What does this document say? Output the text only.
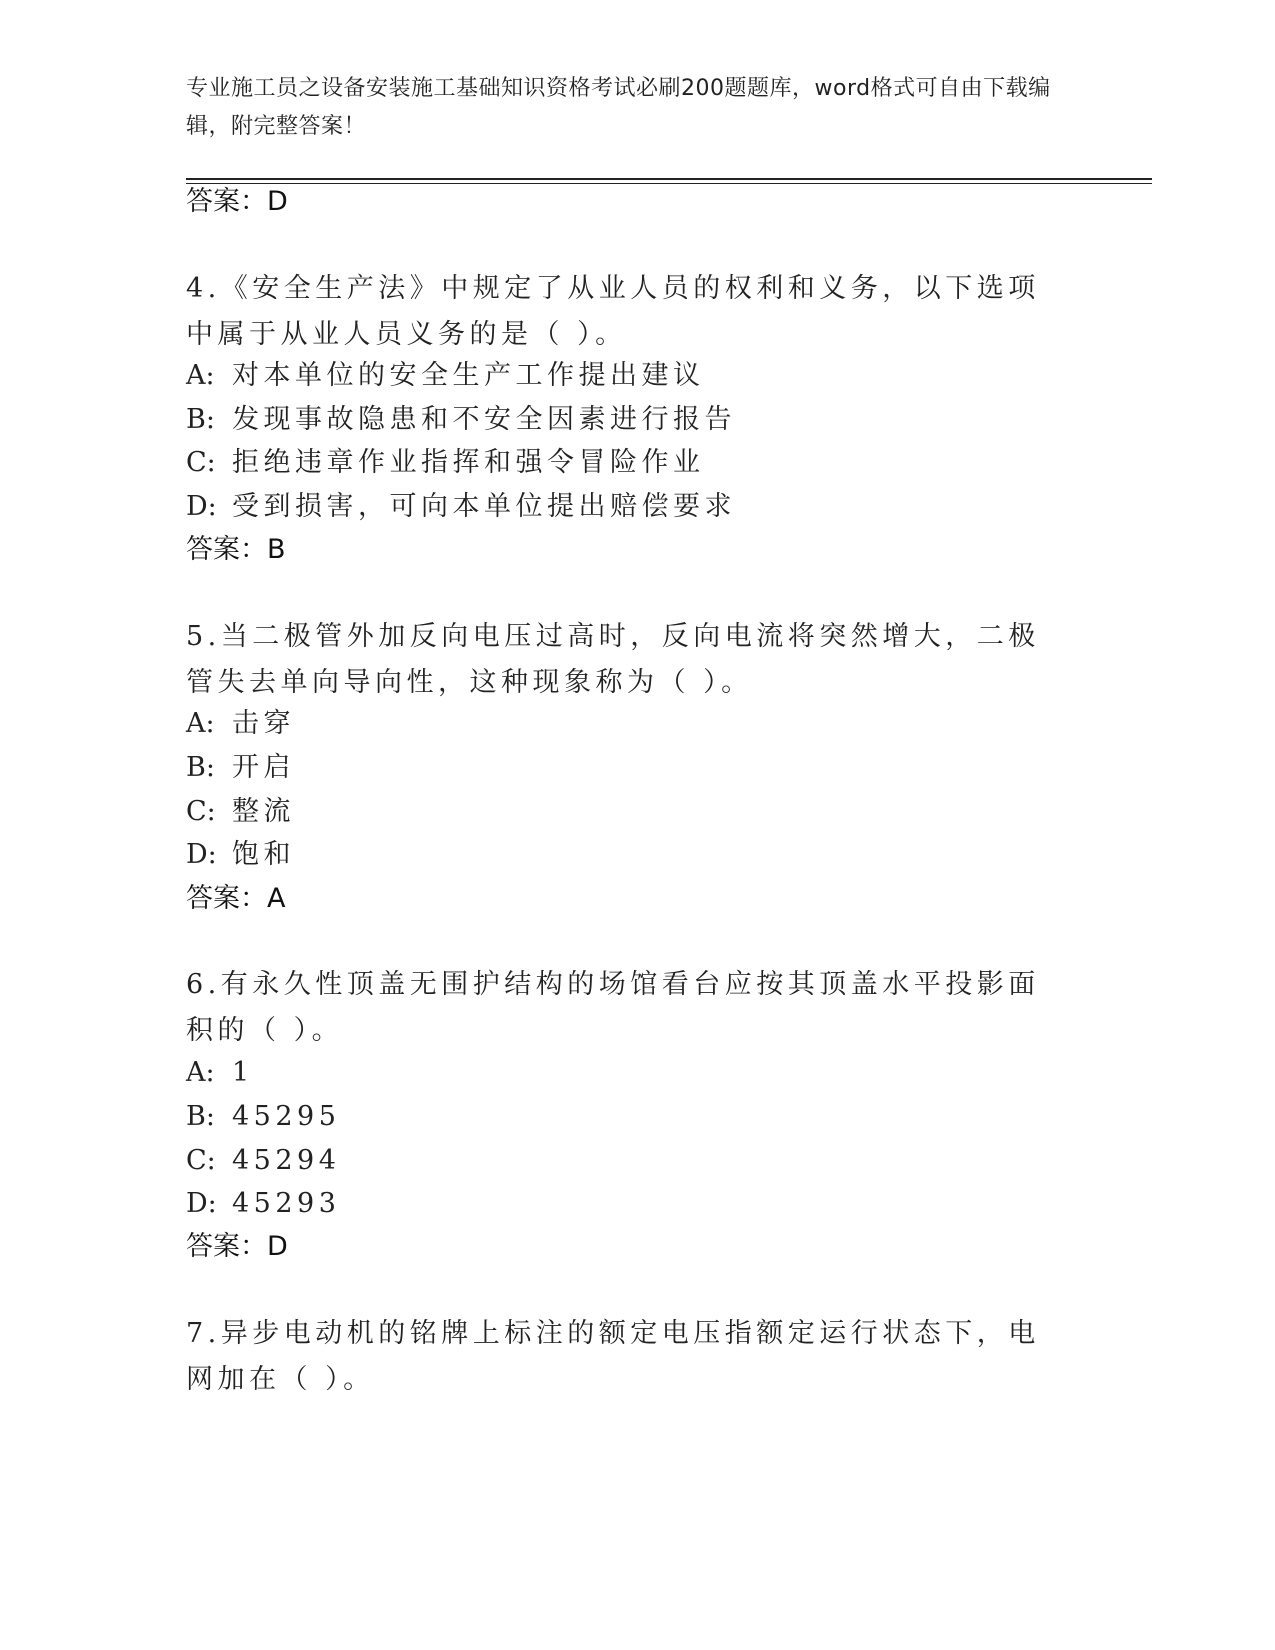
专业施工员之设备安装施工基础知识资格考试必刷200题题库，word格式可自由下载编辑，附完整答案！
答案：D
4.《安全生产法》中规定了从业人员的权利和义务，以下选项中属于从业人员义务的是（ ）。
A: 对本单位的安全生产工作提出建议
B: 发现事故隐患和不安全因素进行报告
C: 拒绝违章作业指挥和强令冒险作业
D: 受到损害，可向本单位提出赔偿要求
答案：B
5.当二极管外加反向电压过高时，反向电流将突然增大，二极管失去单向导向性，这种现象称为（ ）。
A: 击穿
B: 开启
C: 整流
D: 饱和
答案：A
6.有永久性顶盖无围护结构的场馆看台应按其顶盖水平投影面积的（ ）。
A: 1
B: 45295
C: 45294
D: 45293
答案：D
7.异步电动机的铭牌上标注的额定电压指额定运行状态下，电网加在（ ）。
